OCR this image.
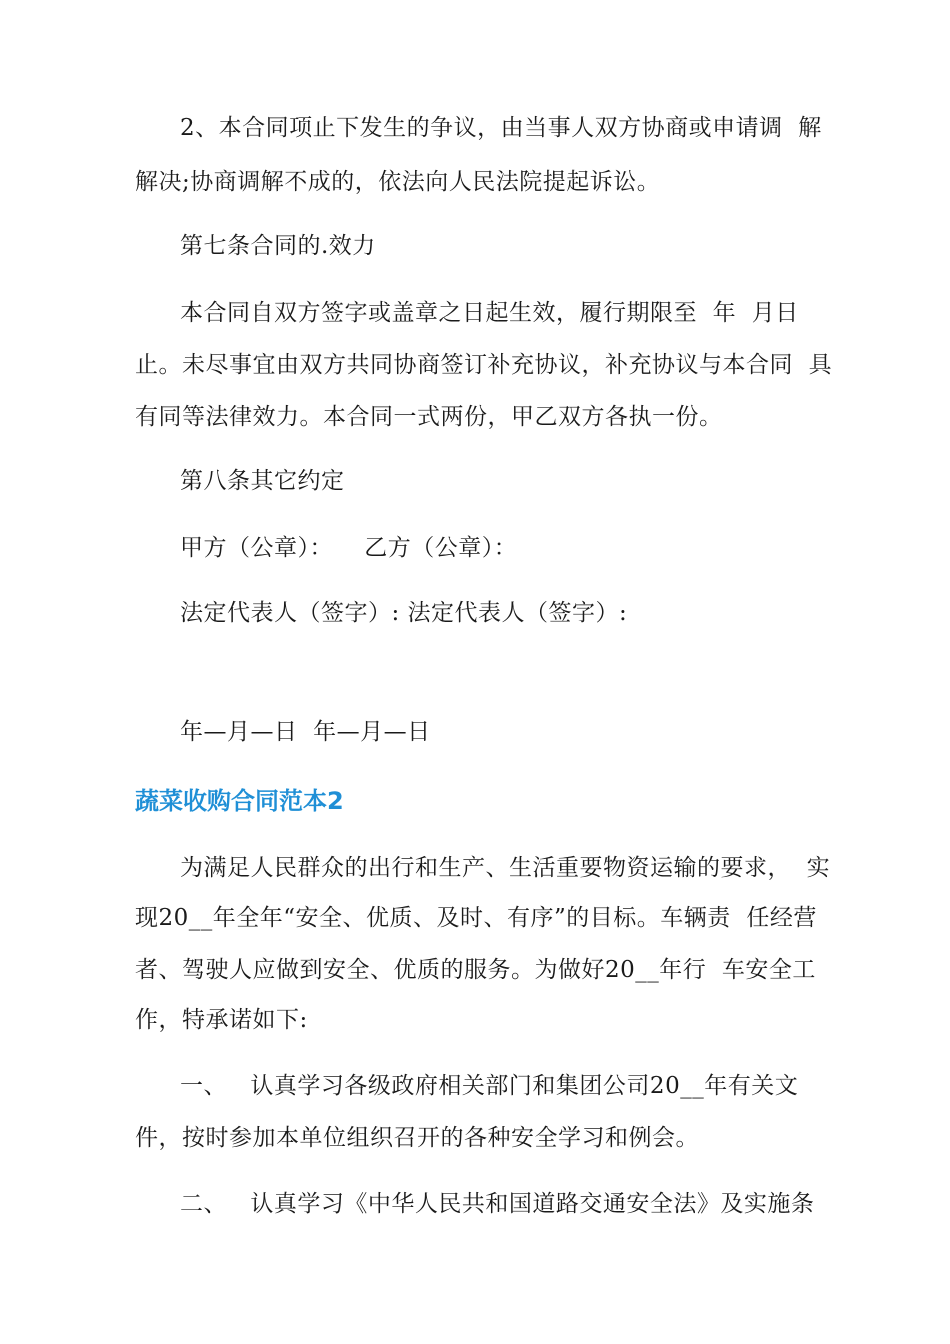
2、本合同项止下发生的争议，由当事人双方协商或申请调  解
解决;协商调解不成的，依法向人民法院提起诉讼。
第七条合同的.效力
本合同自双方签字或盖章之日起生效，履行期限至  年  月日
止。未尽事宜由双方共同协商签订补充协议，补充协议与本合同  具
有同等法律效力。本合同一式两份，甲乙双方各执一份。
第八条其它约定
甲方（公章）：    乙方（公章）：
法定代表人（签字）: 法定代表人（签字）:
年—月—日  年—月—日
蔬菜收购合同范本2
为满足人民群众的出行和生产、生活重要物资运输的要求，  实
现20__年全年“安全、优质、及时、有序”的目标。车辆责  任经营
者、驾驶人应做到安全、优质的服务。为做好20__年行  车安全工
作，特承诺如下:
一、   认真学习各级政府相关部门和集团公司20__年有关文
件，按时参加本单位组织召开的各种安全学习和例会。
二、   认真学习《中华人民共和国道路交通安全法》及实施条
